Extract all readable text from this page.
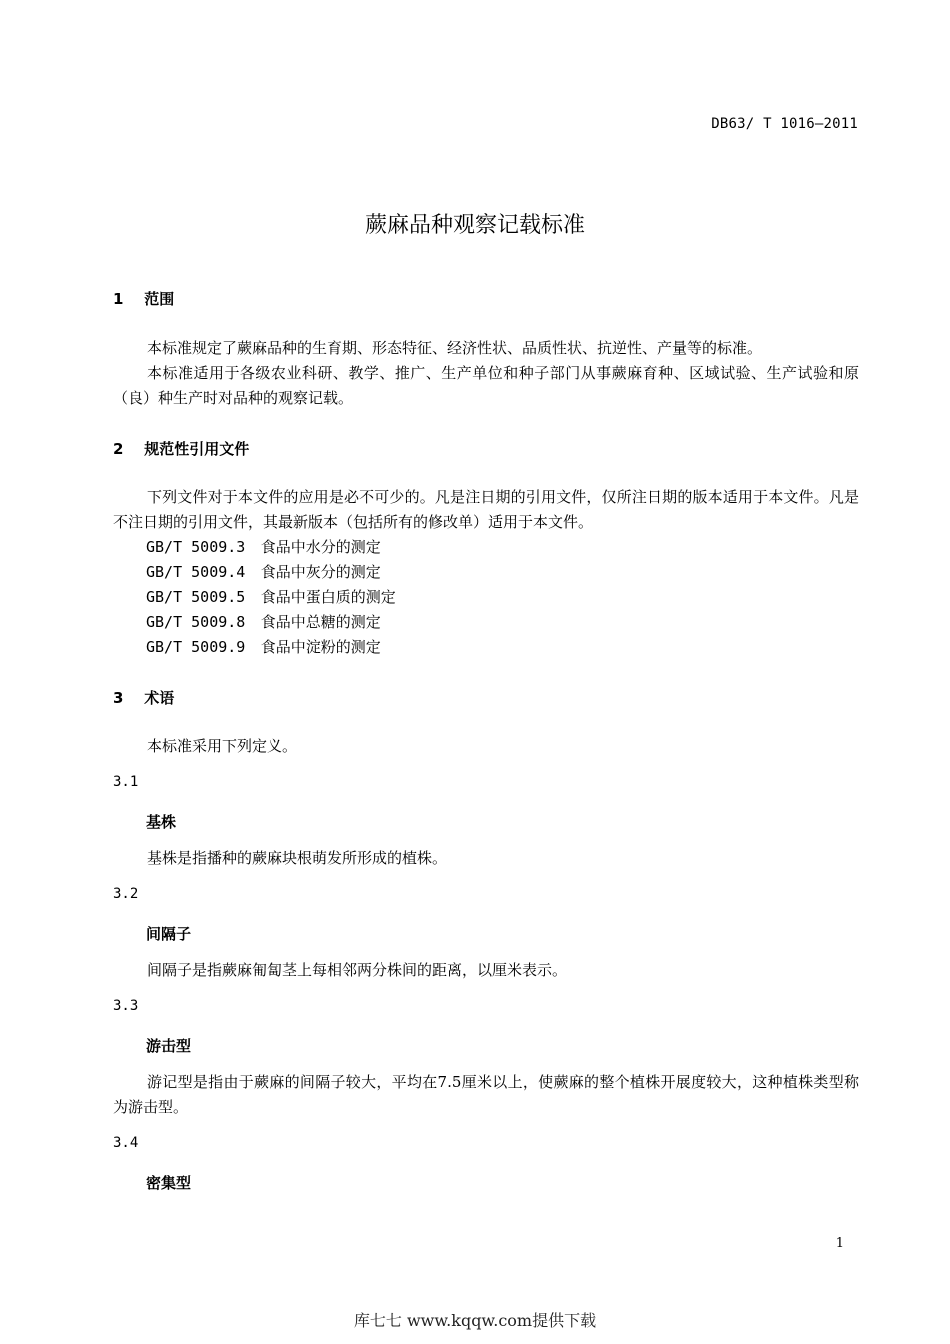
DB63/ T 1016—2011
蕨麻品种观察记载标准
1 范围
本标准规定了蕨麻品种的生育期、形态特征、经济性状、品质性状、抗逆性、产量等的标准。
本标准适用于各级农业科研、教学、推广、生产单位和种子部门从事蕨麻育种、区域试验、生产试验和原（良）种生产时对品种的观察记载。
2 规范性引用文件
下列文件对于本文件的应用是必不可少的。凡是注日期的引用文件，仅所注日期的版本适用于本文件。凡是不注日期的引用文件，其最新版本（包括所有的修改单）适用于本文件。
GB/T 5009.3 食品中水分的测定
GB/T 5009.4 食品中灰分的测定
GB/T 5009.5 食品中蛋白质的测定
GB/T 5009.8 食品中总糖的测定
GB/T 5009.9 食品中淀粉的测定
3 术语
本标准采用下列定义。
3.1
基株
基株是指播种的蕨麻块根萌发所形成的植株。
3.2
间隔子
间隔子是指蕨麻匍匐茎上每相邻两分株间的距离，以厘米表示。
3.3
游击型
游记型是指由于蕨麻的间隔子较大，平均在7.5厘米以上，使蕨麻的整个植株开展度较大，这种植株类型称为游击型。
3.4
密集型
1
库七七 www.kqqw.com提供下载
